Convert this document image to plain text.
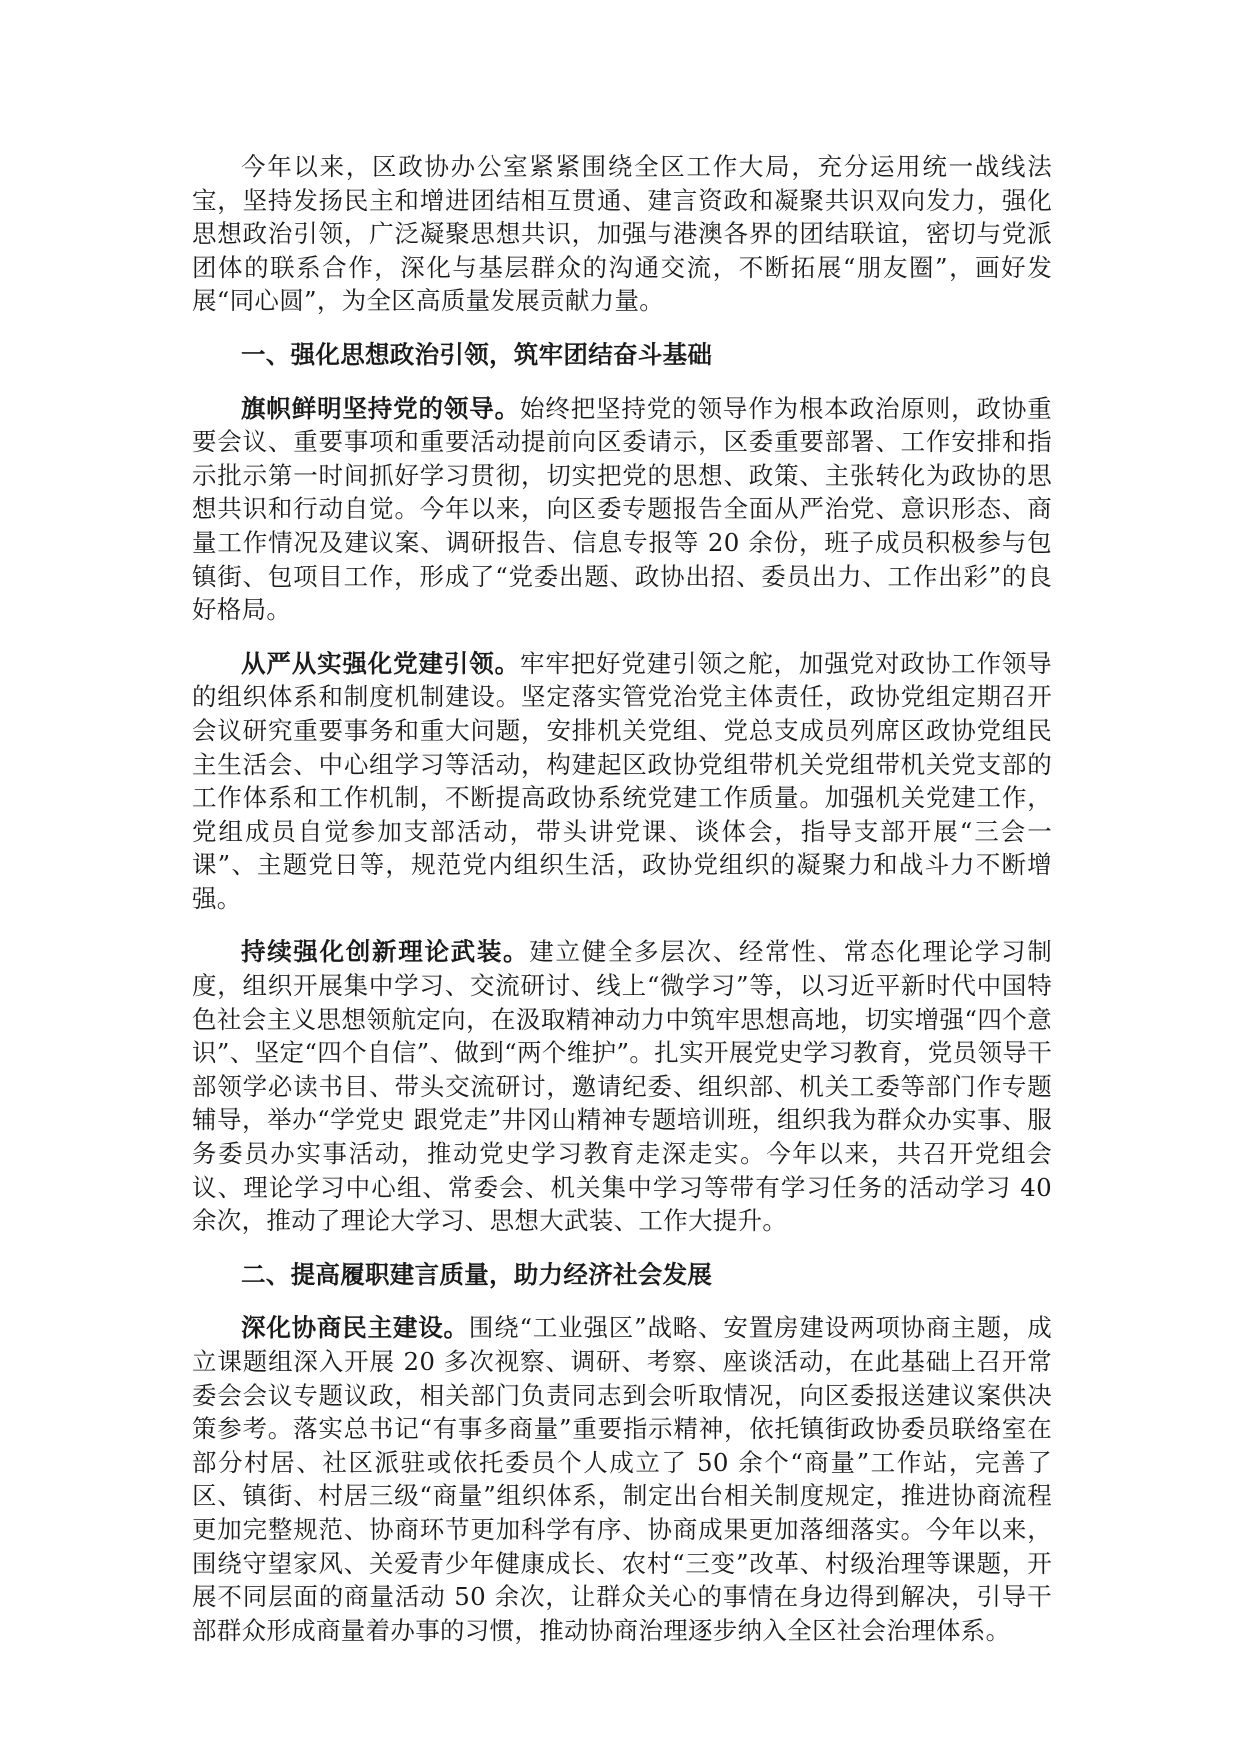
今年以来，区政协办公室紧紧围绕全区工作大局，充分运用统一战线法宝，坚持发扬民主和增进团结相互贯通、建言资政和凝聚共识双向发力，强化思想政治引领，广泛凝聚思想共识，加强与港澳各界的团结联谊，密切与党派团体的联系合作，深化与基层群众的沟通交流，不断拓展“朋友圈”，画好发展“同心圆”，为全区高质量发展贡献力量。

一、强化思想政治引领，筑牢团结奋斗基础

旗帜鲜明坚持党的领导。始终把坚持党的领导作为根本政治原则，政协重要会议、重要事项和重要活动提前向区委请示，区委重要部署、工作安排和指示批示第一时间抓好学习贯彻，切实把党的思想、政策、主张转化为政协的思想共识和行动自觉。今年以来，向区委专题报告全面从严治党、意识形态、商量工作情况及建议案、调研报告、信息专报等 20 余份，班子成员积极参与包镇街、包项目工作，形成了“党委出题、政协出招、委员出力、工作出彩”的良好格局。

从严从实强化党建引领。牢牢把好党建引领之舵，加强党对政协工作领导的组织体系和制度机制建设。坚定落实管党治党主体责任，政协党组定期召开会议研究重要事务和重大问题，安排机关党组、党总支成员列席区政协党组民主生活会、中心组学习等活动，构建起区政协党组带机关党组带机关党支部的工作体系和工作机制，不断提高政协系统党建工作质量。加强机关党建工作，党组成员自觉参加支部活动，带头讲党课、谈体会，指导支部开展“三会一课”、主题党日等，规范党内组织生活，政协党组织的凝聚力和战斗力不断增强。

持续强化创新理论武装。建立健全多层次、经常性、常态化理论学习制度，组织开展集中学习、交流研讨、线上“微学习”等，以习近平新时代中国特色社会主义思想领航定向，在汲取精神动力中筑牢思想高地，切实增强“四个意识”、坚定“四个自信”、做到“两个维护”。扎实开展党史学习教育，党员领导干部领学必读书目、带头交流研讨，邀请纪委、组织部、机关工委等部门作专题辅导，举办“学党史 跟党走”井冈山精神专题培训班，组织我为群众办实事、服务委员办实事活动，推动党史学习教育走深走实。今年以来，共召开党组会议、理论学习中心组、常委会、机关集中学习等带有学习任务的活动学习 40 余次，推动了理论大学习、思想大武装、工作大提升。

二、提高履职建言质量，助力经济社会发展

深化协商民主建设。围绕“工业强区”战略、安置房建设两项协商主题，成立课题组深入开展 20 多次视察、调研、考察、座谈活动，在此基础上召开常委会会议专题议政，相关部门负责同志到会听取情况，向区委报送建议案供决策参考。落实总书记“有事多商量”重要指示精神，依托镇街政协委员联络室在部分村居、社区派驻或依托委员个人成立了 50 余个“商量”工作站，完善了区、镇街、村居三级“商量”组织体系，制定出台相关制度规定，推进协商流程更加完整规范、协商环节更加科学有序、协商成果更加落细落实。今年以来，围绕守望家风、关爱青少年健康成长、农村“三变”改革、村级治理等课题，开展不同层面的商量活动 50 余次，让群众关心的事情在身边得到解决，引导干部群众形成商量着办事的习惯，推动协商治理逐步纳入全区社会治理体系。
